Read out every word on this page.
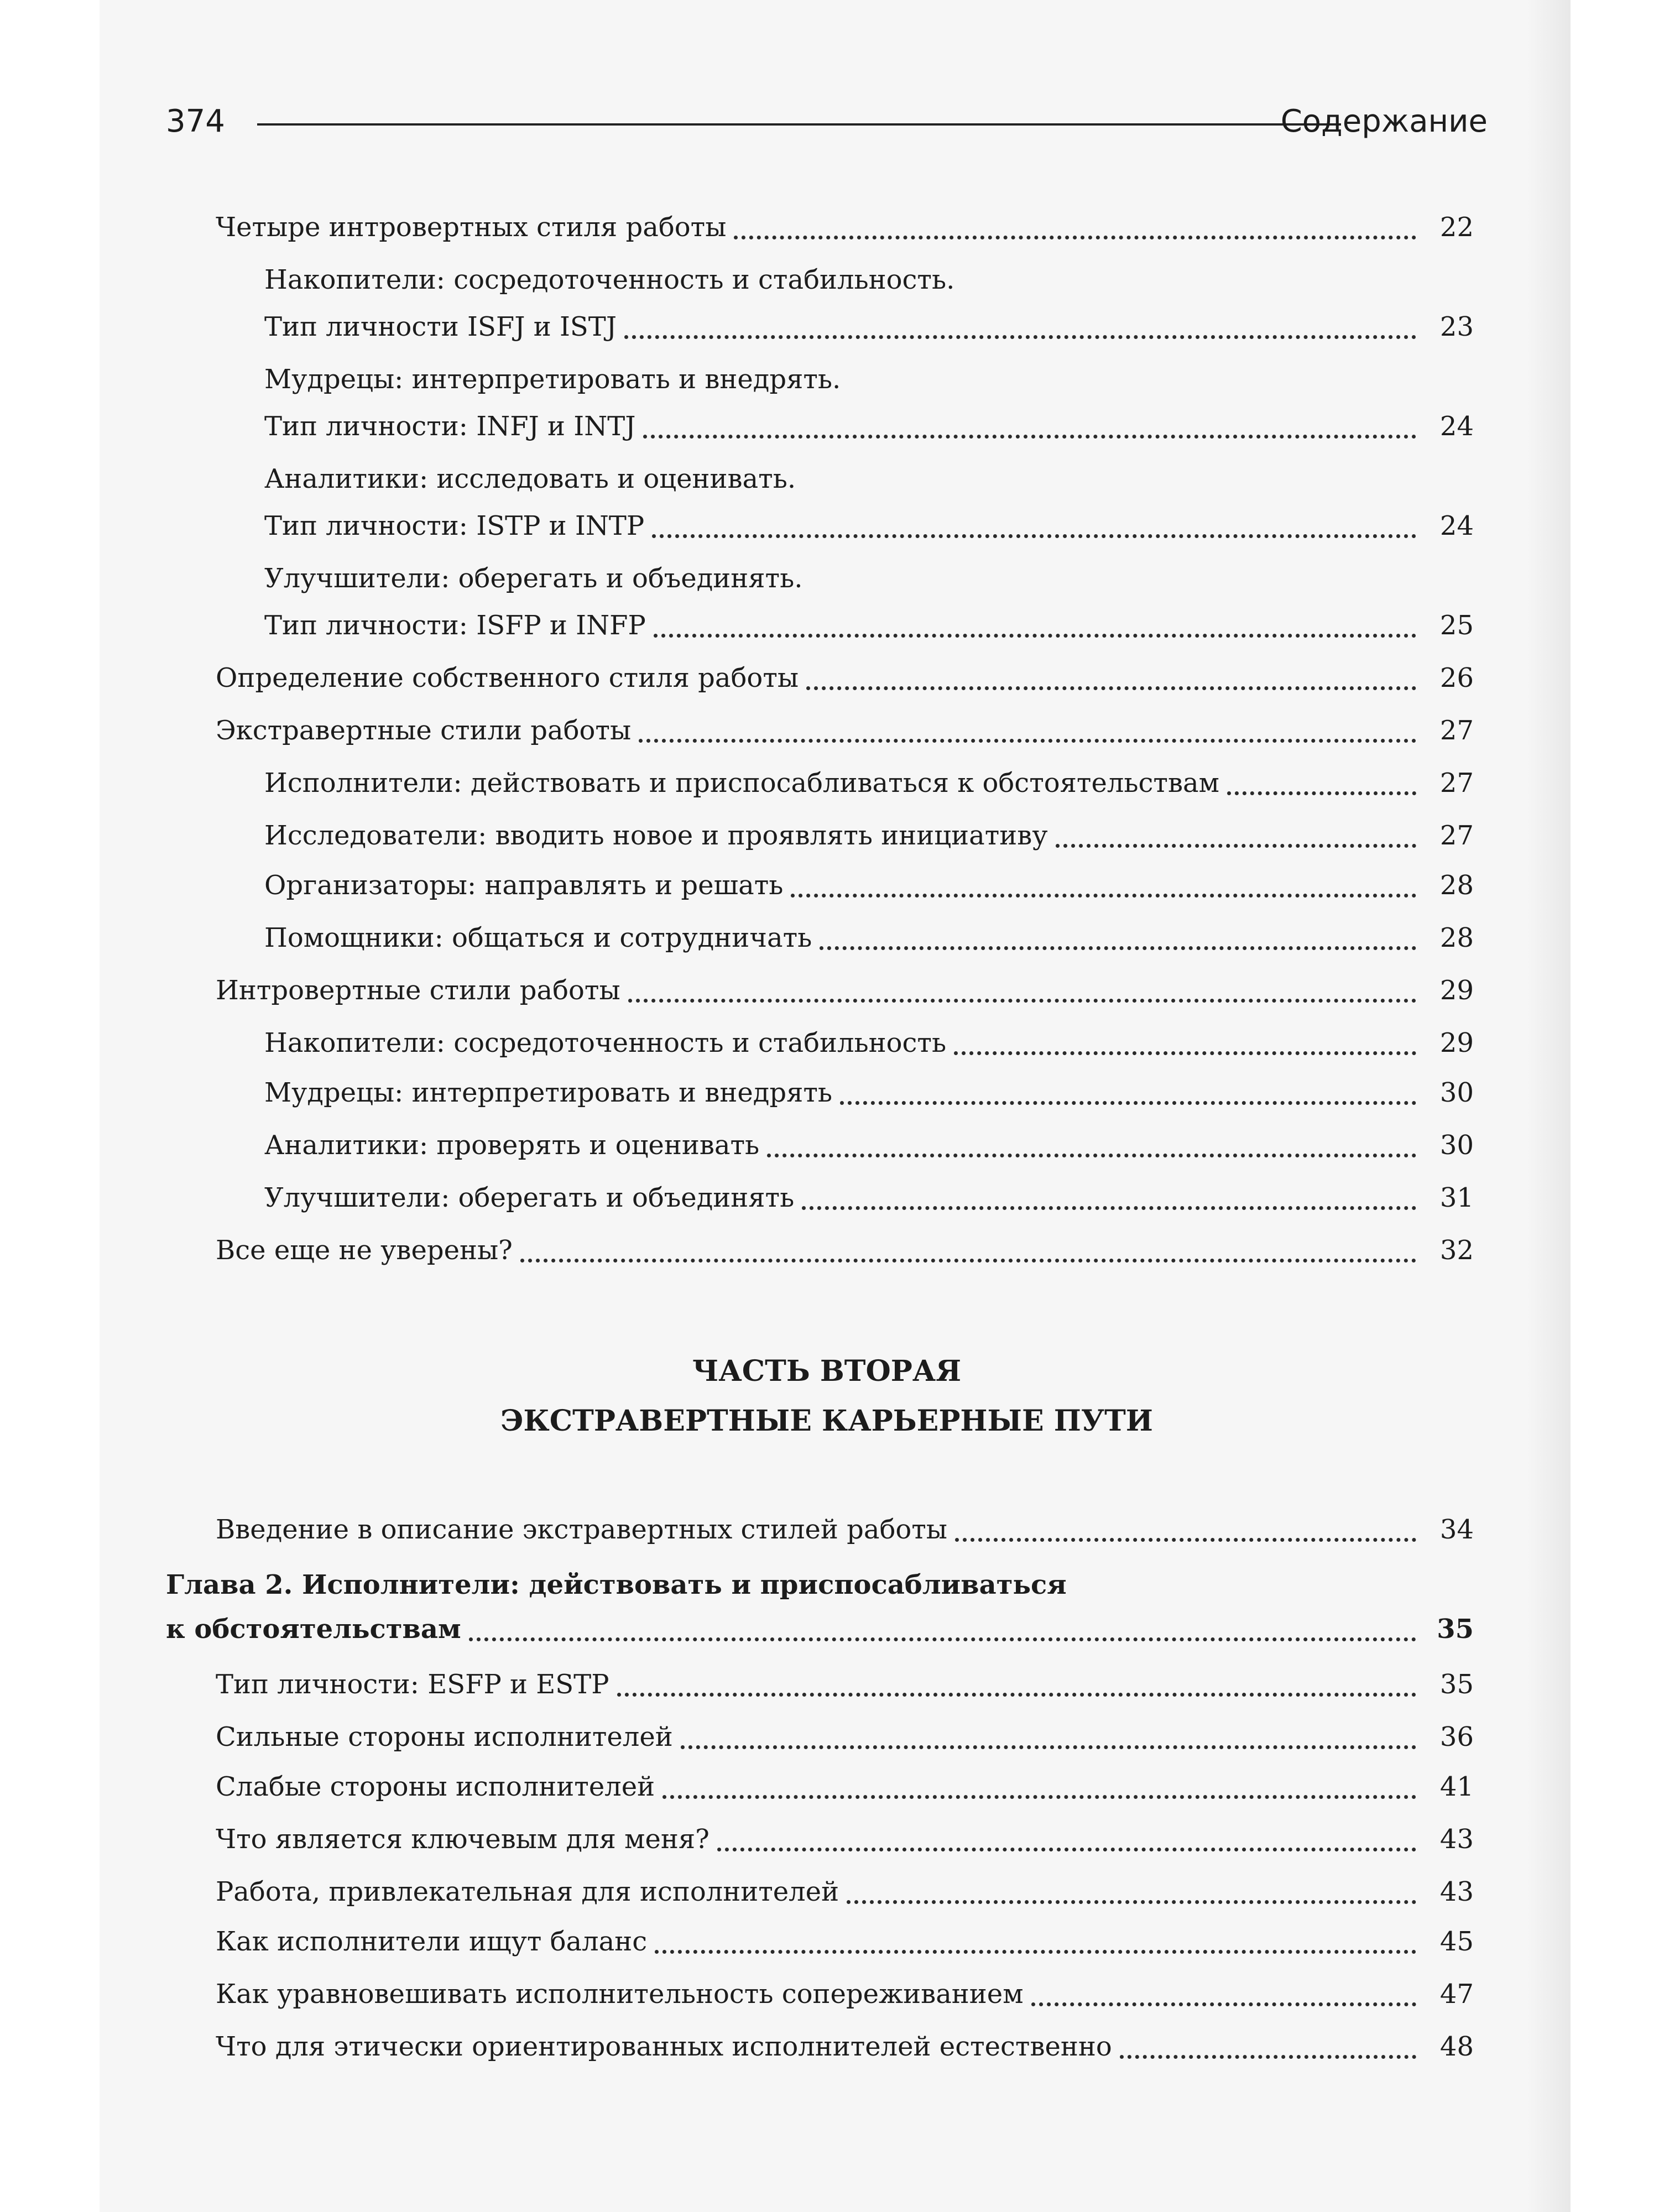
374	Содержание
ЧАСТЬ ВТОРАЯ
ЭКСТРАВЕРТНЫЕ КАРЬЕРНЫЕ ПУТИ
Четыре интровертных стиля работы	22
Накопители: сосредоточенность и стабильность.
Тип личности ISFJ и ISTJ	23
Мудрецы: интерпретировать и внедрять.
Тип личности: INFJ и INTJ	24
Аналитики: исследовать и оценивать.
Тип личности: ISTP и INTP	24
Улучшители: оберегать и объединять.
Тип личности: ISFP и INFP	25
Определение собственного стиля работы	26
Экстравертные стили работы	27
Исполнители: действовать и приспосабливаться к обстоятельствам	27
Исследователи: вводить новое и проявлять инициативу	27
Организаторы: направлять и решать	28
Помощники: общаться и сотрудничать	28
Интровертные стили работы	29
Накопители: сосредоточенность и стабильность	29
Мудрецы: интерпретировать и внедрять	30
Аналитики: проверять и оценивать	30
Улучшители: оберегать и объединять	31
Все еще не уверены?	32
Введение в описание экстравертных стилей работы	34
Глава 2. Исполнители: действовать и приспосабливаться
к обстоятельствам	35
Тип личности: ESFP и ESTP	35
Сильные стороны исполнителей	36
Слабые стороны исполнителей	41
Что является ключевым для меня?	43
Работа, привлекательная для исполнителей	43
Как исполнители ищут баланс	45
Как уравновешивать исполнительность сопереживанием	47
Что для этически ориентированных исполнителей естественно	48
